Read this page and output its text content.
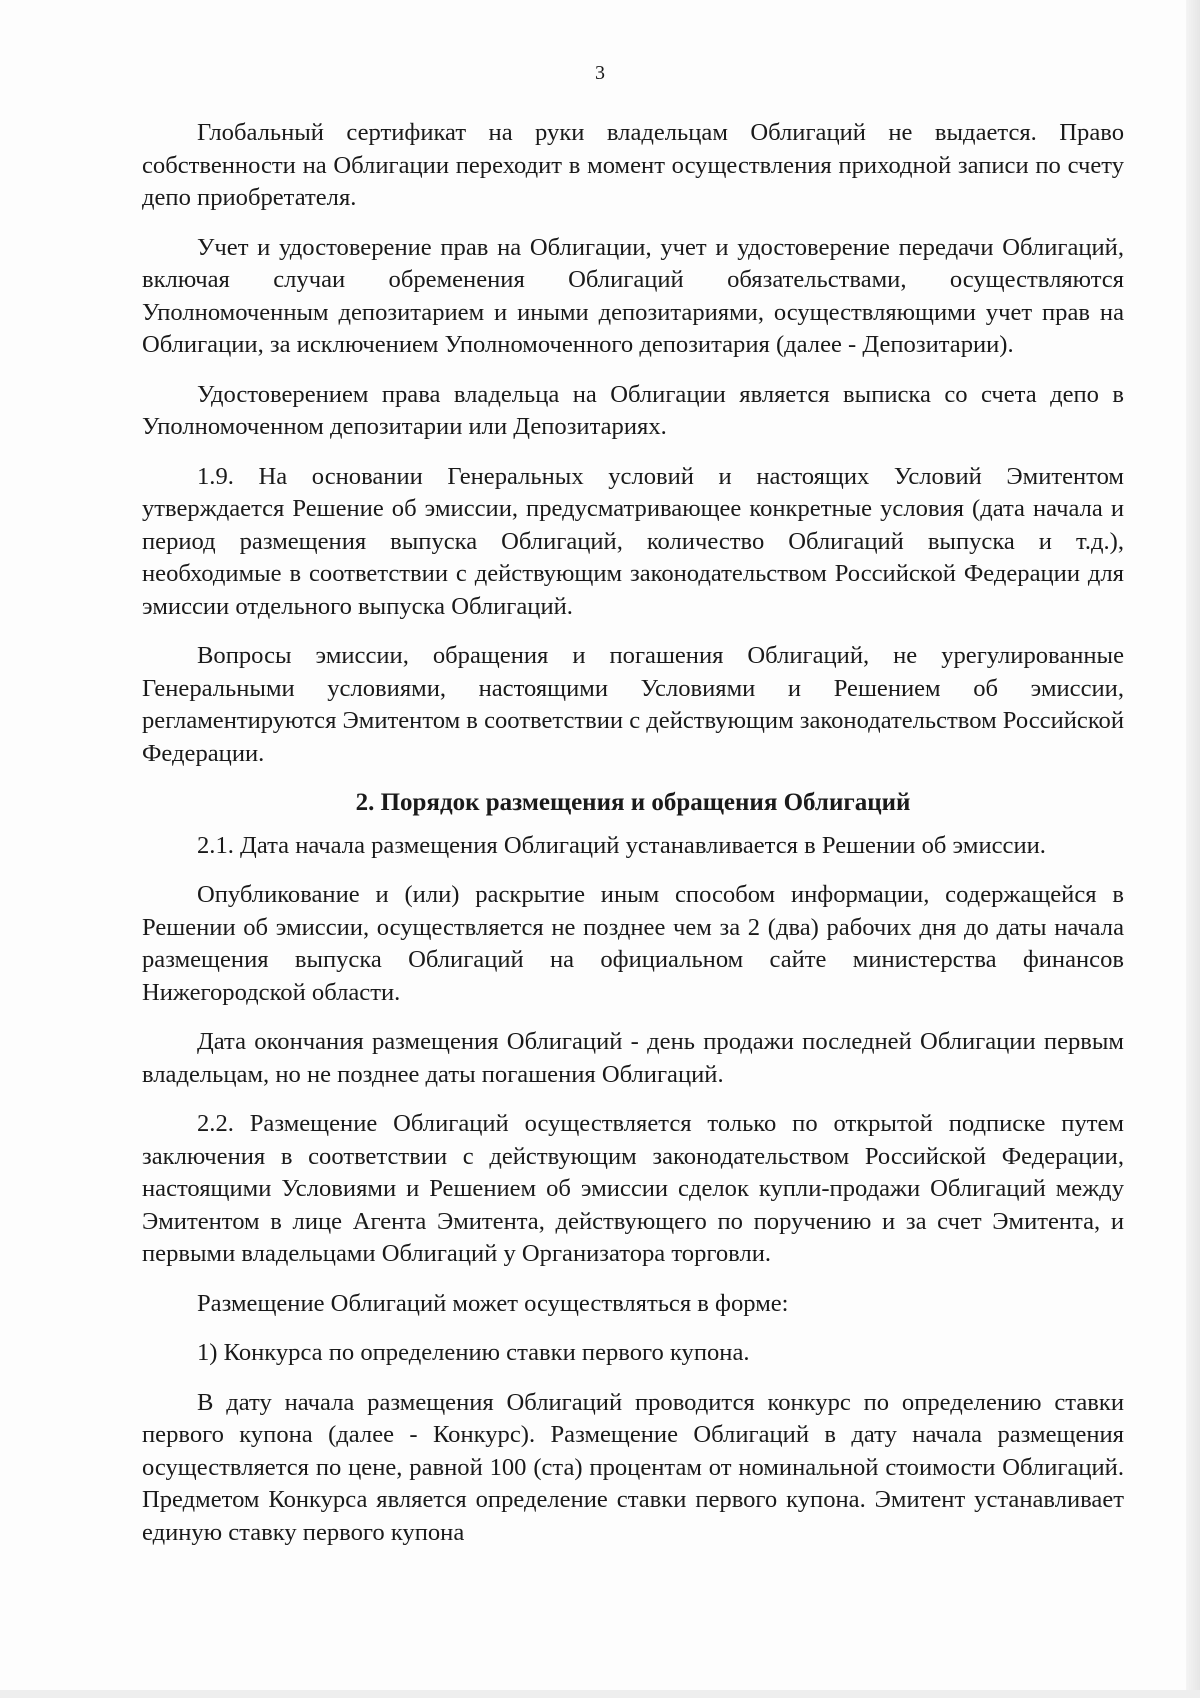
3

Глобальный сертификат на руки владельцам Облигаций не выдается. Право собственности на Облигации переходит в момент осуществления приходной записи по счету депо приобретателя.

Учет и удостоверение прав на Облигации, учет и удостоверение передачи Облигаций, включая случаи обременения Облигаций обязательствами, осуществляются Уполномоченным депозитарием и иными депозитариями, осуществляющими учет прав на Облигации, за исключением Уполномоченного депозитария (далее - Депозитарии).

Удостоверением права владельца на Облигации является выписка со счета депо в Уполномоченном депозитарии или Депозитариях.

1.9. На основании Генеральных условий и настоящих Условий Эмитентом утверждается Решение об эмиссии, предусматривающее конкретные условия (дата начала и период размещения выпуска Облигаций, количество Облигаций выпуска и т.д.), необходимые в соответствии с действующим законодательством Российской Федерации для эмиссии отдельного выпуска Облигаций.

Вопросы эмиссии, обращения и погашения Облигаций, не урегулированные Генеральными условиями, настоящими Условиями и Решением об эмиссии, регламентируются Эмитентом в соответствии с действующим законодательством Российской Федерации.

2. Порядок размещения и обращения Облигаций

2.1. Дата начала размещения Облигаций устанавливается в Решении об эмиссии.

Опубликование и (или) раскрытие иным способом информации, содержащейся в Решении об эмиссии, осуществляется не позднее чем за 2 (два) рабочих дня до даты начала размещения выпуска Облигаций на официальном сайте министерства финансов Нижегородской области.

Дата окончания размещения Облигаций - день продажи последней Облигации первым владельцам, но не позднее даты погашения Облигаций.

2.2. Размещение Облигаций осуществляется только по открытой подписке путем заключения в соответствии с действующим законодательством Российской Федерации, настоящими Условиями и Решением об эмиссии сделок купли-продажи Облигаций между Эмитентом в лице Агента Эмитента, действующего по поручению и за счет Эмитента, и первыми владельцами Облигаций у Организатора торговли.

Размещение Облигаций может осуществляться в форме:

1) Конкурса по определению ставки первого купона.

В дату начала размещения Облигаций проводится конкурс по определению ставки первого купона (далее - Конкурс). Размещение Облигаций в дату начала размещения осуществляется по цене, равной 100 (ста) процентам от номинальной стоимости Облигаций. Предметом Конкурса является определение ставки первого купона. Эмитент устанавливает единую ставку первого купона
